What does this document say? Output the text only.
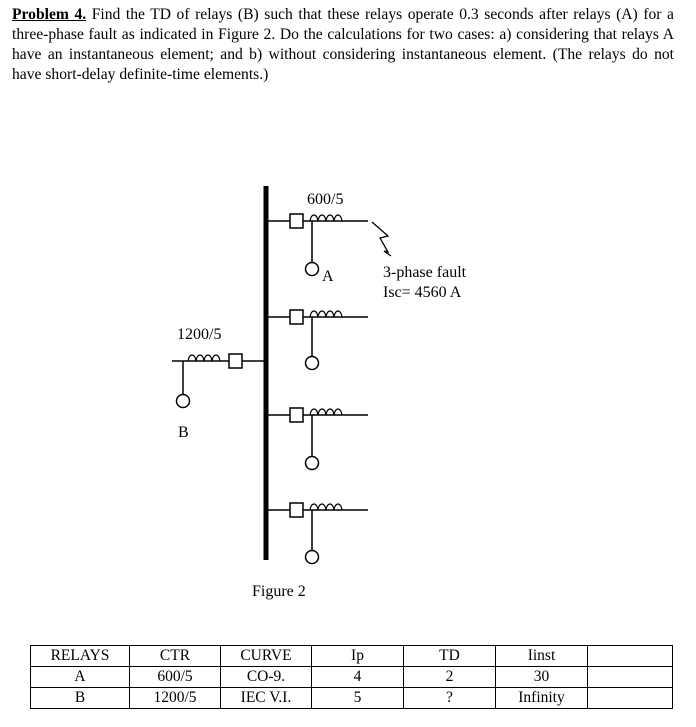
Problem 4. Find the TD of relays (B) such that these relays operate 0.3 seconds after relays (A) for a three-phase fault as indicated in Figure 2. Do the calculations for two cases: a) considering that relays A have an instantaneous element; and b) without considering instantaneous element. (The relays do not have short-delay definite-time elements.)
600/5
1200/5
A
B
3-phase fault
Isc= 4560 A
Figure 2
RELAYS	CTR	CURVE	Ip	TD	Iinst	
A	600/5	CO-9.	4	2	30	
B	1200/5	IEC V.I.	5	?	Infinity	
